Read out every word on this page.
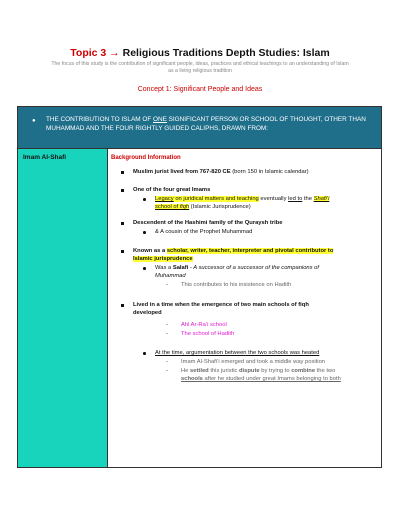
Topic 3 → Religious Traditions Depth Studies: Islam
The focus of this study is the contribution of significant people, ideas, practices and ethical teachings to an understanding of Islam as a living religious tradition
Concept 1: Significant People and Ideas
● THE CONTRIBUTION TO ISLAM OF ONE SIGNIFICANT PERSON OR SCHOOL OF THOUGHT, OTHER THAN MUHAMMAD AND THE FOUR RIGHTLY GUIDED CALIPHS, DRAWN FROM:
Imam Al-Shafi	Background Information
Muslim jurist lived from 767-820 CE (born 150 in Islamic calendar)
One of the four great Imams
Legacy on juridical matters and teaching eventually led to the Shafi’i
school of fiqh (Islamic Jurisprudence)
Descendent of the Hashimi family of the Quraysh tribe
& A cousin of the Prophet Muhammad
Known as a scholar, writer, teacher, interpreter and pivotal contributor to
Islamic jurisprudence
Was a Salafi - A successor of a successor of the companions of
Muhammad
- This contributes to his insistence on Hadith
Lived in a time when the emergence of two main schools of fiqh
developed
- Ahl Ar-Ra’i school
- The school of Hadith
At the time, argumentation between the two schools was heated
- Imam Al-Shafi’i emerged and took a middle way position
- He settled this juristic dispute by trying to combine the two
schools after he studied under great Imams belonging to both
